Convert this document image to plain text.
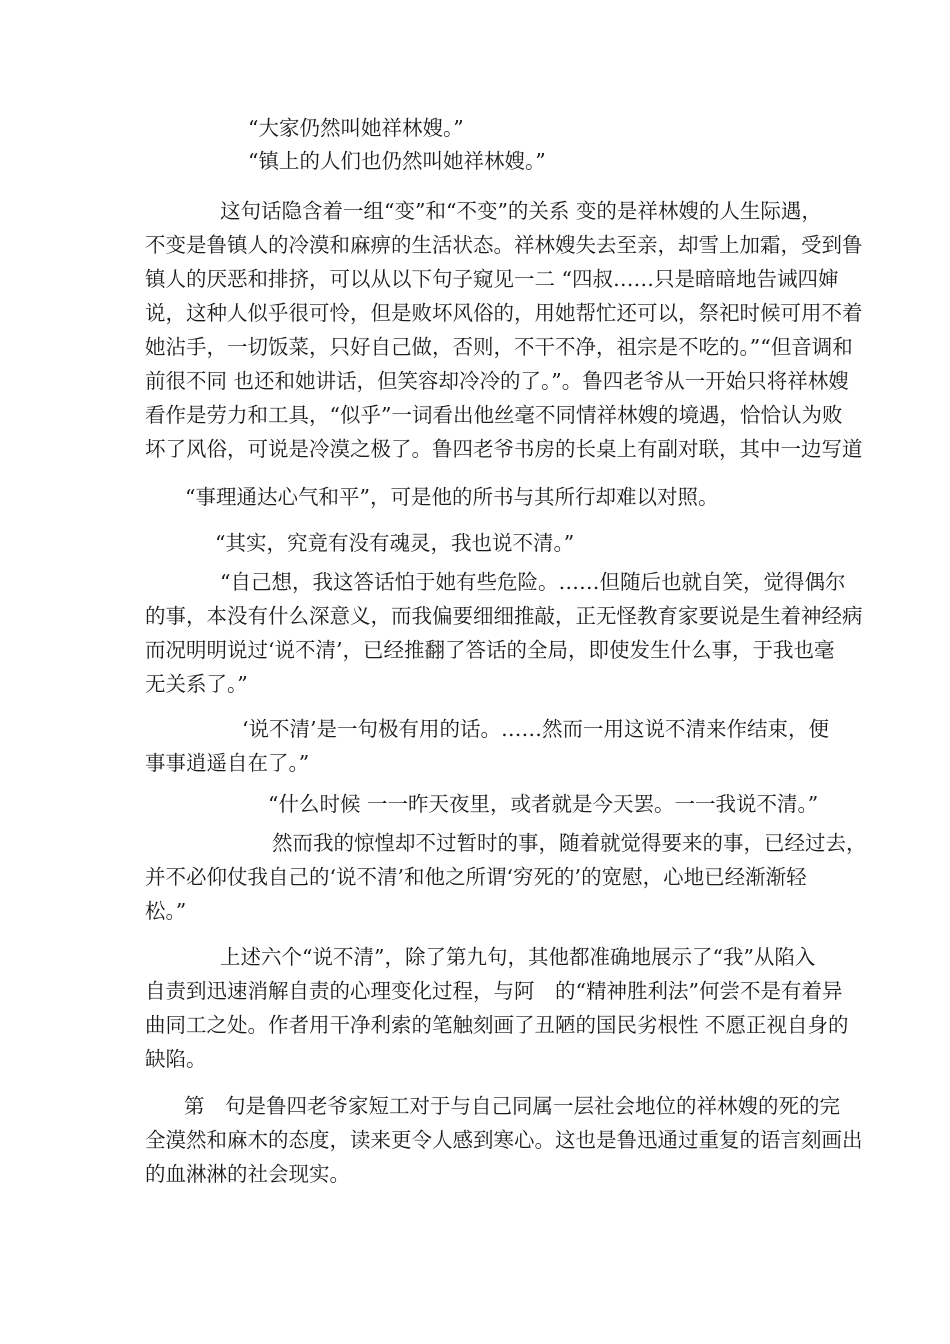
“大家仍然叫她祥林嫂。”
“镇上的人们也仍然叫她祥林嫂。”
这句话隐含着一组“变”和“不变”的关系 变的是祥林嫂的人生际遇，
不变是鲁镇人的冷漠和麻痹的生活状态。祥林嫂失去至亲，却雪上加霜，受到鲁
镇人的厌恶和排挤，可以从以下句子窥见一二 “四叔……只是暗暗地告诫四婶
说，这种人似乎很可怜，但是败坏风俗的，用她帮忙还可以，祭祀时候可用不着
她沾手，一切饭菜，只好自己做，否则，不干不净，祖宗是不吃的。”“但音调和
前很不同 也还和她讲话，但笑容却冷冷的了。”。鲁四老爷从一开始只将祥林嫂
看作是劳力和工具，“似乎”一词看出他丝毫不同情祥林嫂的境遇，恰恰认为败
坏了风俗，可说是冷漠之极了。鲁四老爷书房的长桌上有副对联，其中一边写道
“事理通达心气和平”，可是他的所书与其所行却难以对照。
“其实，究竟有没有魂灵，我也说不清。”
“自己想，我这答话怕于她有些危险。……但随后也就自笑，觉得偶尔
的事，本没有什么深意义，而我偏要细细推敲，正无怪教育家要说是生着神经病
而况明明说过‘说不清’，已经推翻了答话的全局，即使发生什么事，于我也毫
无关系了。”
‘说不清’是一句极有用的话。……然而一用这说不清来作结束，便
事事逍遥自在了。”
“什么时候 一一昨天夜里，或者就是今天罢。一一我说不清。”
然而我的惊惶却不过暂时的事，随着就觉得要来的事，已经过去，
并不必仰仗我自己的‘说不清’和他之所谓‘穷死的’的宽慰，心地已经渐渐轻
松。”
上述六个“说不清”，除了第九句，其他都准确地展示了“我”从陷入
自责到迅速消解自责的心理变化过程，与阿　的“精神胜利法”何尝不是有着异
曲同工之处。作者用干净利索的笔触刻画了丑陋的国民劣根性 不愿正视自身的
缺陷。
第　句是鲁四老爷家短工对于与自己同属一层社会地位的祥林嫂的死的完
全漠然和麻木的态度，读来更令人感到寒心。这也是鲁迅通过重复的语言刻画出
的血淋淋的社会现实。
